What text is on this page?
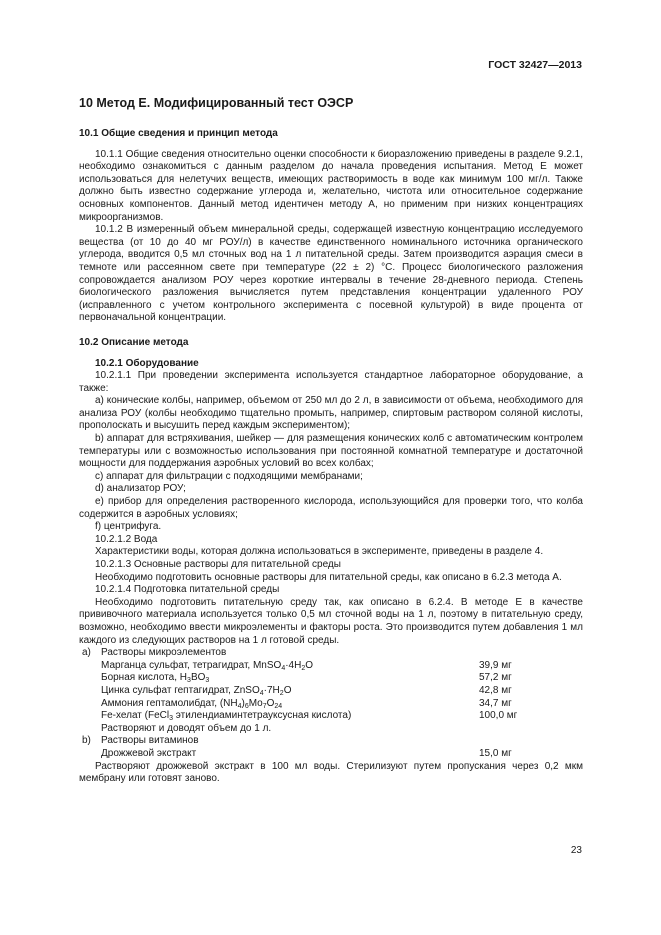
ГОСТ 32427—2013
10 Метод Е. Модифицированный тест ОЭСР
10.1 Общие сведения и принцип метода

10.1.1 Общие сведения относительно оценки способности к биоразложению приведены в разделе 9.2.1, необходимо ознакомиться с данным разделом до начала проведения испытания. Метод Е может использоваться для нелетучих веществ, имеющих растворимость в воде как минимум 100 мг/л. Также должно быть известно содержание углерода и, желательно, чистота или относительное содержание основных компонентов. Данный метод идентичен методу А, но применим при низких концентрациях микроорганизмов.

10.1.2 В измеренный объем минеральной среды, содержащей известную концентрацию исследуемого вещества (от 10 до 40 мг РОУ/л) в качестве единственного номинального источника органического углерода, вводится 0,5 мл сточных вод на 1 л питательной среды. Затем производится аэрация смеси в темноте или рассеянном свете при температуре (22 ± 2) °С. Процесс биологического разложения сопровождается анализом РОУ через короткие интервалы в течение 28-дневного периода. Степень биологического разложения вычисляется путем представления концентрации удаленного РОУ (исправленного с учетом контрольного эксперимента с посевной культурой) в виде процента от первоначальной концентрации.

10.2 Описание метода
10.2.1 Оборудование

10.2.1.1 При проведении эксперимента используется стандартное лабораторное оборудование, а также:

a) конические колбы, например, объемом от 250 мл до 2 л, в зависимости от объема, необходимого для анализа РОУ (колбы необходимо тщательно промыть, например, спиртовым раствором соляной кислоты, прополоскать и высушить перед каждым экспериментом);

b) аппарат для встряхивания, шейкер — для размещения конических колб с автоматическим контролем температуры или с возможностью использования при постоянной комнатной температуре и достаточной мощности для поддержания аэробных условий во всех колбах;

c) аппарат для фильтрации с подходящими мембранами;

d) анализатор РОУ;

e) прибор для определения растворенного кислорода, использующийся для проверки того, что колба содержится в аэробных условиях;

f) центрифуга.

10.2.1.2 Вода

Характеристики воды, которая должна использоваться в эксперименте, приведены в разделе 4.

10.2.1.3 Основные растворы для питательной среды

Необходимо подготовить основные растворы для питательной среды, как описано в 6.2.3 метода А.

10.2.1.4 Подготовка питательной среды

Необходимо подготовить питательную среду так, как описано в 6.2.4. В методе Е в качестве прививочного материала используется только 0,5 мл сточной воды на 1 л, поэтому в питательную среду, возможно, необходимо ввести микроэлементы и факторы роста. Это производится путем добавления 1 мл каждого из следующих растворов на 1 л готовой среды.

a)	Растворы микроэлементов
Марганца сульфат, тетрагидрат, $MnSO_4\cdot 4H_2O$	39,9 мг
Борная кислота, $H_3BO_3$	57,2 мг
Цинка сульфат гептагидрат, $ZnSO_4\cdot 7H_2O$	42,8 мг
Аммония гептамолибдат, $(NH_4)_6Mo_7O_{24}$	34,7 мг
Fe-хелат (FeCl$_3$ этилендиаминтетрауксусная кислота)	100,0 мг
Растворяют и доводят объем до 1 л.
b)	Растворы витаминов
Дрожжевой экстракт	15,0 мг

Растворяют дрожжевой экстракт в 100 мл воды. Стерилизуют путем пропускания через 0,2 мкм мембрану или готовят заново.

23
